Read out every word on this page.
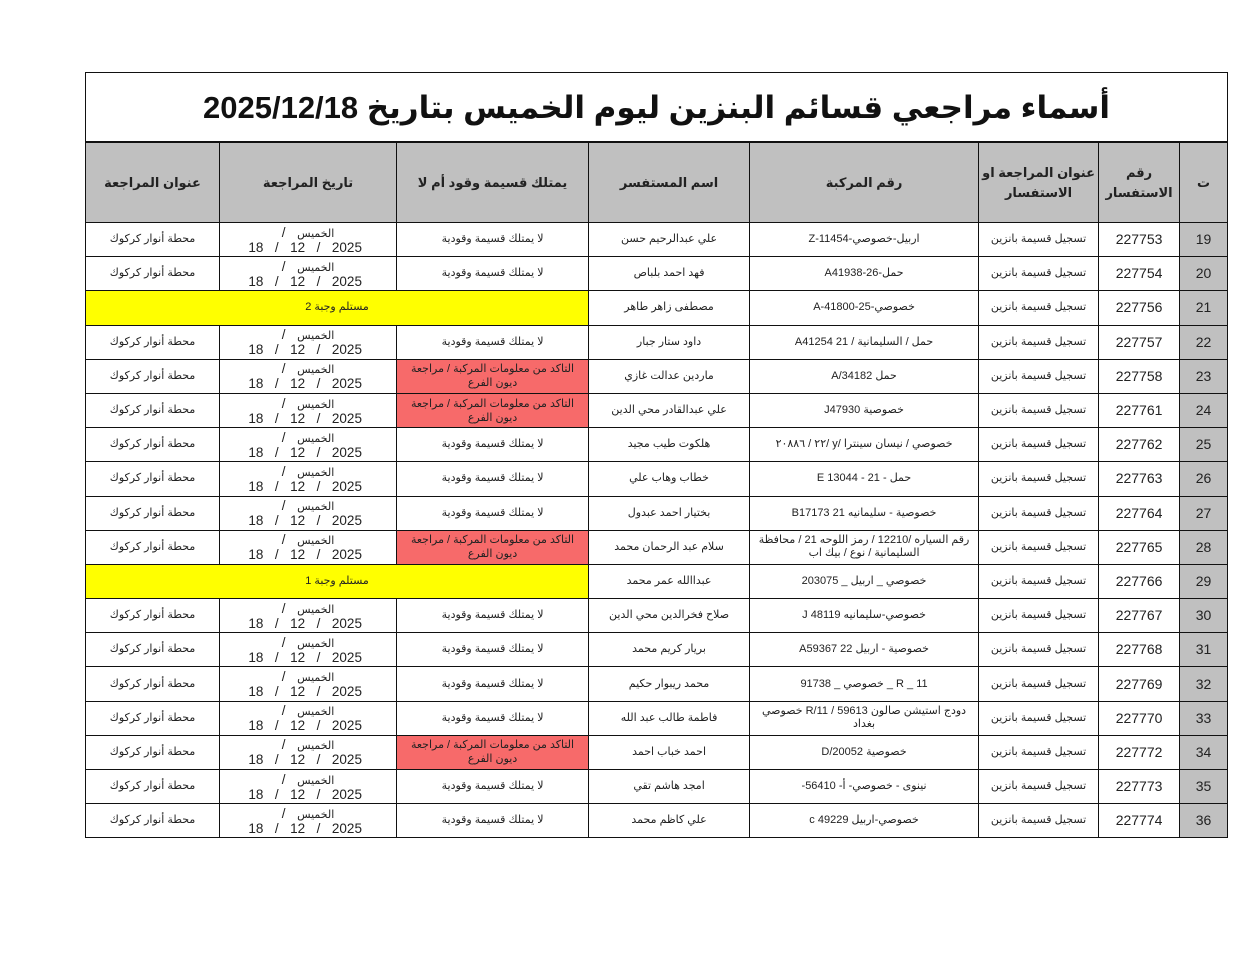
أسماء مراجعي قسائم البنزين ليوم الخميس بتاريخ 2025/12/18							
ت	رقم الاستفسار	عنوان المراجعة او الاستفسار	رقم المركبة	اسم المستفسر	يمتلك قسيمة وقود أم لا	تاريخ المراجعة	عنوان المراجعة
19	227753	تسجيل قسيمة بانزين	اربيل-خصوصي-Z-11454	علي عبدالرحيم حسن	لا يمتلك قسيمة وقودية	الخميس  /  18  /  12  /  2025	محطة أنوار كركوك
20	227754	تسجيل قسيمة بانزين	حمل-26-A41938	فهد احمد بلباص	لا يمتلك قسيمة وقودية	الخميس  /  18  /  12  /  2025	محطة أنوار كركوك
21	227756	تسجيل قسيمة بانزين	خصوصي-25-A-41800	مصطفى زاهر طاهر	مستلم وجبة 2		
22	227757	تسجيل قسيمة بانزين	حمل / السليمانية / 21 A41254	داود ستار جبار	لا يمتلك قسيمة وقودية	الخميس  /  18  /  12  /  2025	محطة أنوار كركوك
23	227758	تسجيل قسيمة بانزين	حمل A/34182	ماردين عدالت غازي	التاكد من معلومات المركبة / مراجعة ديون الفرع	الخميس  /  18  /  12  /  2025	محطة أنوار كركوك
24	227761	تسجيل قسيمة بانزين	خصوصية J47930	علي عبدالقادر محي الدين	التاكد من معلومات المركبة / مراجعة ديون الفرع	الخميس  /  18  /  12  /  2025	محطة أنوار كركوك
25	227762	تسجيل قسيمة بانزين	خصوصي / نيسان سينترا /y /٢٢ / ٢٠٨٨٦	هلكوت طيب مجيد	لا يمتلك قسيمة وقودية	الخميس  /  18  /  12  /  2025	محطة أنوار كركوك
26	227763	تسجيل قسيمة بانزين	حمل - 21 - E 13044	خطاب وهاب علي	لا يمتلك قسيمة وقودية	الخميس  /  18  /  12  /  2025	محطة أنوار كركوك
27	227764	تسجيل قسيمة بانزين	خصوصية - سليمانيه 21 B17173	بختيار احمد عبدول	لا يمتلك قسيمة وقودية	الخميس  /  18  /  12  /  2025	محطة أنوار كركوك
28	227765	تسجيل قسيمة بانزين	رقم السياره /12210 / رمز اللوحه 21 / محافظة السليمانية / نوع / بيك اب	سلام عبد الرحمان محمد	التاكد من معلومات المركبة / مراجعة ديون الفرع	الخميس  /  18  /  12  /  2025	محطة أنوار كركوك
29	227766	تسجيل قسيمة بانزين	خصوصي _ اربيل _ 203075	عبداالله عمر محمد	مستلم وجبة 1		
30	227767	تسجيل قسيمة بانزين	خصوصي-سليمانيه 48119 J	صلاح فخرالدين محي الدين	لا يمتلك قسيمة وقودية	الخميس  /  18  /  12  /  2025	محطة أنوار كركوك
31	227768	تسجيل قسيمة بانزين	خصوصية - اربيل 22 A59367	بريار كريم محمد	لا يمتلك قسيمة وقودية	الخميس  /  18  /  12  /  2025	محطة أنوار كركوك
32	227769	تسجيل قسيمة بانزين	11 _ R _ خصوصي _ 91738	محمد ريبوار حكيم	لا يمتلك قسيمة وقودية	الخميس  /  18  /  12  /  2025	محطة أنوار كركوك
33	227770	تسجيل قسيمة بانزين	دودج استيشن صالون R/11 / 59613 خصوصي بغداد	فاطمة طالب عبد الله	لا يمتلك قسيمة وقودية	الخميس  /  18  /  12  /  2025	محطة أنوار كركوك
34	227772	تسجيل قسيمة بانزين	خصوصية D/20052	احمد خباب احمد	التاكد من معلومات المركبة / مراجعة ديون الفرع	الخميس  /  18  /  12  /  2025	محطة أنوار كركوك
35	227773	تسجيل قسيمة بانزين	نينوى - خصوصي- أ- 56410-	امجد هاشم تقي	لا يمتلك قسيمة وقودية	الخميس  /  18  /  12  /  2025	محطة أنوار كركوك
36	227774	تسجيل قسيمة بانزين	خصوصي-اربيل 49229 c	علي كاظم محمد	لا يمتلك قسيمة وقودية	الخميس  /  18  /  12  /  2025	محطة أنوار كركوك
